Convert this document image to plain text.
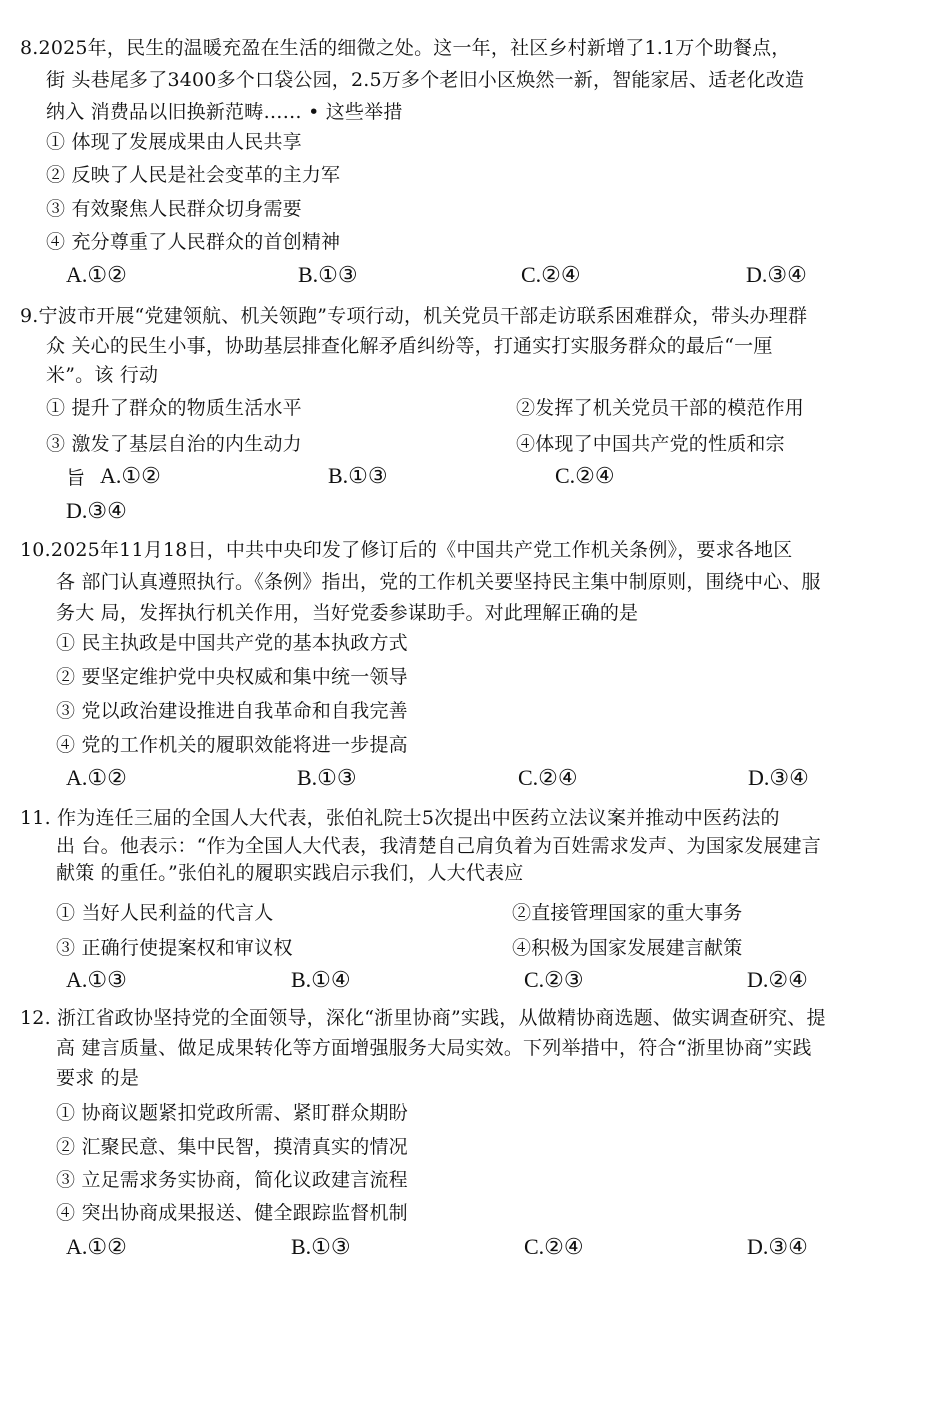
8.2025年，民生的温暖充盈在生活的细微之处。这一年，社区乡村新增了1.1万个助餐点，
街 头巷尾多了3400多个口袋公园，2.5万多个老旧小区焕然一新，智能家居、适老化改造
纳入 消费品以旧换新范畴…… • 这些举措
① 体现了发展成果由人民共享
② 反映了人民是社会变革的主力军
③ 有效聚焦人民群众切身需要
④ 充分尊重了人民群众的首创精神
A.①②	B.①③	C.②④	D.③④
9.宁波市开展“党建领航、机关领跑”专项行动，机关党员干部走访联系困难群众，带头办理群
众 关心的民生小事，协助基层排查化解矛盾纠纷等，打通实打实服务群众的最后“一厘
米”。该 行动
① 提升了群众的物质生活水平	②发挥了机关党员干部的模范作用
③ 激发了基层自治的内生动力	④体现了中国共产党的性质和宗
旨 A.①②	B.①③	C.②④
D.③④
10.2025年11月18日，中共中央印发了修订后的《中国共产党工作机关条例》，要求各地区
各 部门认真遵照执行。《条例》指出，党的工作机关要坚持民主集中制原则，围绕中心、服
务大 局，发挥执行机关作用，当好党委参谋助手。对此理解正确的是
① 民主执政是中国共产党的基本执政方式
② 要坚定维护党中央权威和集中统一领导
③ 党以政治建设推进自我革命和自我完善
④ 党的工作机关的履职效能将进一步提高
A.①②	B.①③	C.②④	D.③④
11. 作为连任三届的全国人大代表，张伯礼院士5次提出中医药立法议案并推动中医药法的
出 台。他表示：“作为全国人大代表，我清楚自己肩负着为百姓需求发声、为国家发展建言
献策 的重任。”张伯礼的履职实践启示我们，人大代表应
① 当好人民利益的代言人	②直接管理国家的重大事务
③ 正确行使提案权和审议权	④积极为国家发展建言献策
A.①③	B.①④	C.②③	D.②④
12. 浙江省政协坚持党的全面领导，深化“浙里协商”实践，从做精协商选题、做实调查研究、提
高 建言质量、做足成果转化等方面增强服务大局实效。下列举措中，符合“浙里协商”实践
要求 的是
① 协商议题紧扣党政所需、紧盯群众期盼
② 汇聚民意、集中民智，摸清真实的情况
③ 立足需求务实协商，简化议政建言流程
④ 突出协商成果报送、健全跟踪监督机制
A.①②	B.①③	C.②④	D.③④
